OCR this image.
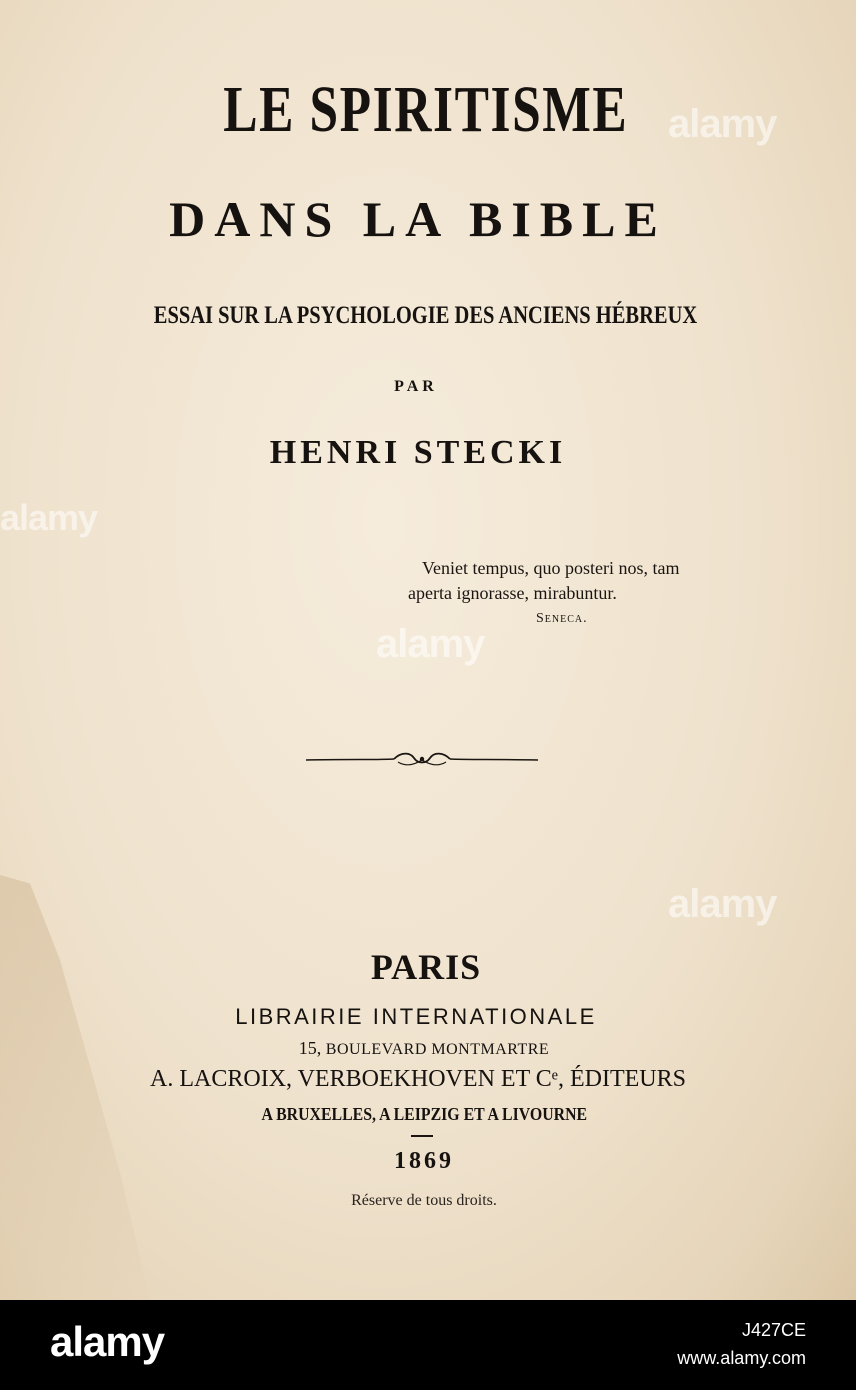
LE SPIRITISME
DANS LA BIBLE
ESSAI SUR LA PSYCHOLOGIE DES ANCIENS HÉBREUX
PAR
HENRI STECKI
Veniet tempus, quo posteri nos, tam
aperta ignorasse, mirabuntur.
Seneca.
PARIS
LIBRAIRIE INTERNATIONALE
15, BOULEVARD MONTMARTRE
A. LACROIX, VERBOEKHOVEN ET Cᵉ, ÉDITEURS
A BRUXELLES, A LEIPZIG ET A LIVOURNE
1869
Réserve de tous droits.
alamy
alamy
alamy
alamy
alamy	J427CE
www.alamy.com
